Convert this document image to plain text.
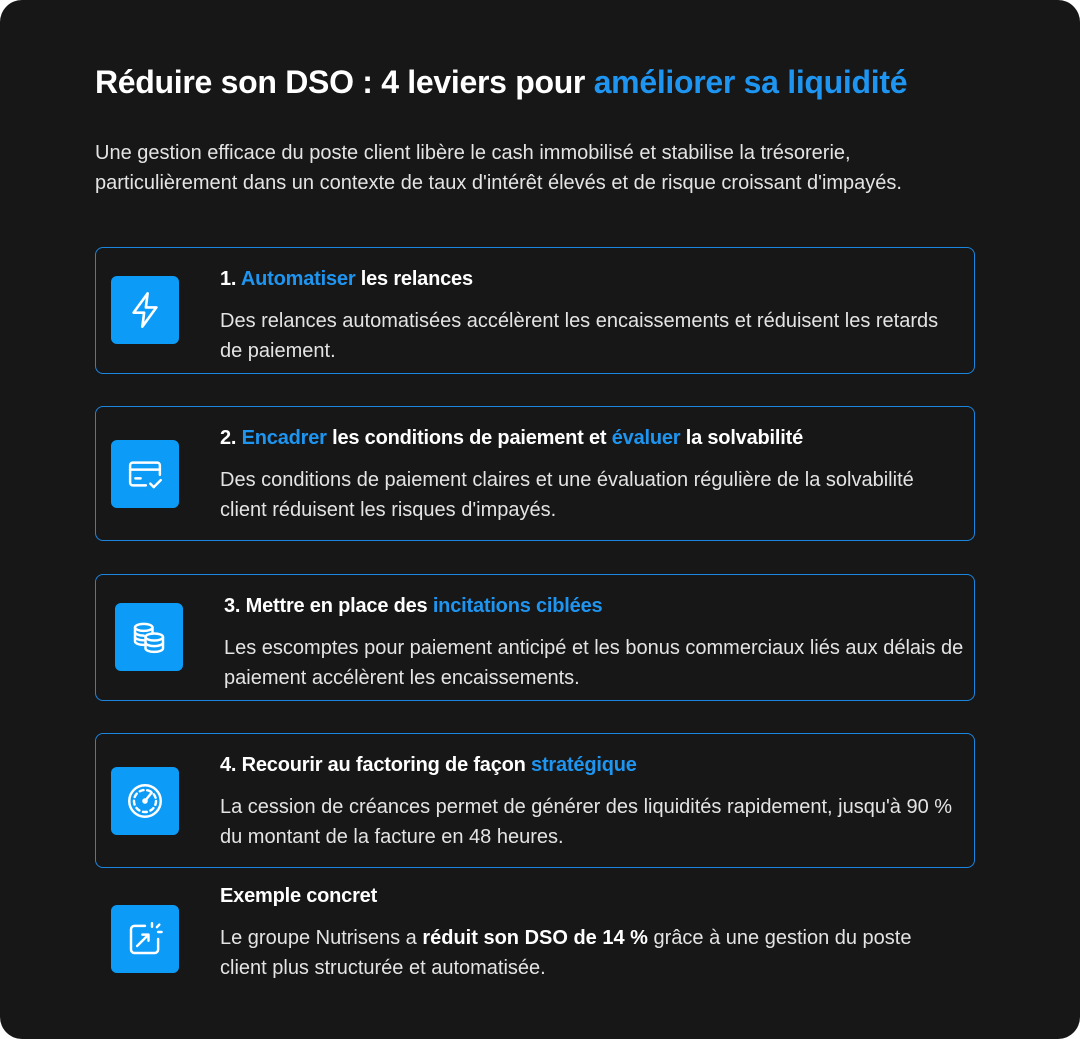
Réduire son DSO : 4 leviers pour améliorer sa liquidité

Une gestion efficace du poste client libère le cash immobilisé et stabilise la trésorerie, particulièrement dans un contexte de taux d'intérêt élevés et de risque croissant d'impayés.

1. Automatiser les relances

Des relances automatisées accélèrent les encaissements et réduisent les retards de paiement.

2. Encadrer les conditions de paiement et évaluer la solvabilité

Des conditions de paiement claires et une évaluation régulière de la solvabilité client réduisent les risques d'impayés.

3. Mettre en place des incitations ciblées

Les escomptes pour paiement anticipé et les bonus commerciaux liés aux délais de paiement accélèrent les encaissements.

4. Recourir au factoring de façon stratégique

La cession de créances permet de générer des liquidités rapidement, jusqu'à 90 % du montant de la facture en 48 heures.

Exemple concret

Le groupe Nutrisens a réduit son DSO de 14 % grâce à une gestion du poste client plus structurée et automatisée.
